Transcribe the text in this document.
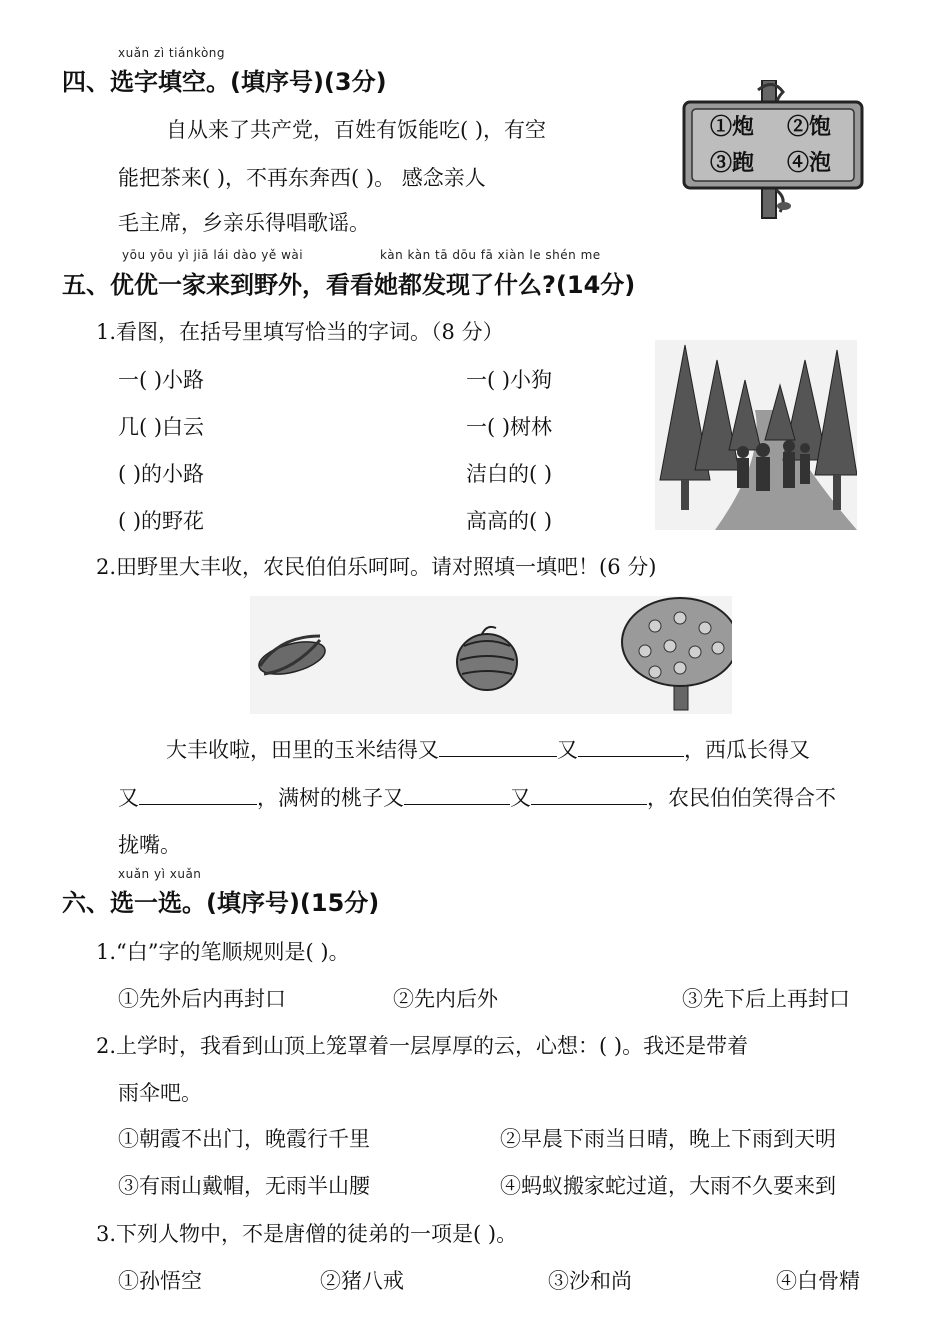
xuǎn zì tiánkòng
四、选字填空。(填序号)(3分)
自从来了共产党，百姓有饭能吃( )，有空
能把茶来( )，不再东奔西( )。 感念亲人
毛主席，乡亲乐得唱歌谣。
①炮 ②饱
③跑 ④泡
yōu yōu yì jiā lái dào yě wài	kàn kàn tā dōu fā xiàn le shén me
五、优优一家来到野外，看看她都发现了什么?(14分)
1.看图，在括号里填写恰当的字词。（8 分）
一( )小路	一( )小狗
几( )白云	一( )树林
( )的小路	洁白的( )
( )的野花	高高的( )
2.田野里大丰收，农民伯伯乐呵呵。请对照填一填吧！(6 分)
大丰收啦，田里的玉米结得又	又	，西瓜长得又
又	，满树的桃子又	又	，农民伯伯笑得合不
拢嘴。
xuǎn yì xuǎn
六、选一选。(填序号)(15分)
1.“白”字的笔顺规则是( )。
①先外后内再封口	②先内后外	③先下后上再封口
2.上学时，我看到山顶上笼罩着一层厚厚的云，心想：( )。我还是带着
雨伞吧。
①朝霞不出门，晚霞行千里	②早晨下雨当日晴，晚上下雨到天明
③有雨山戴帽，无雨半山腰	④蚂蚁搬家蛇过道，大雨不久要来到
3.下列人物中，不是唐僧的徒弟的一项是( )。
①孙悟空	②猪八戒	③沙和尚	④白骨精
